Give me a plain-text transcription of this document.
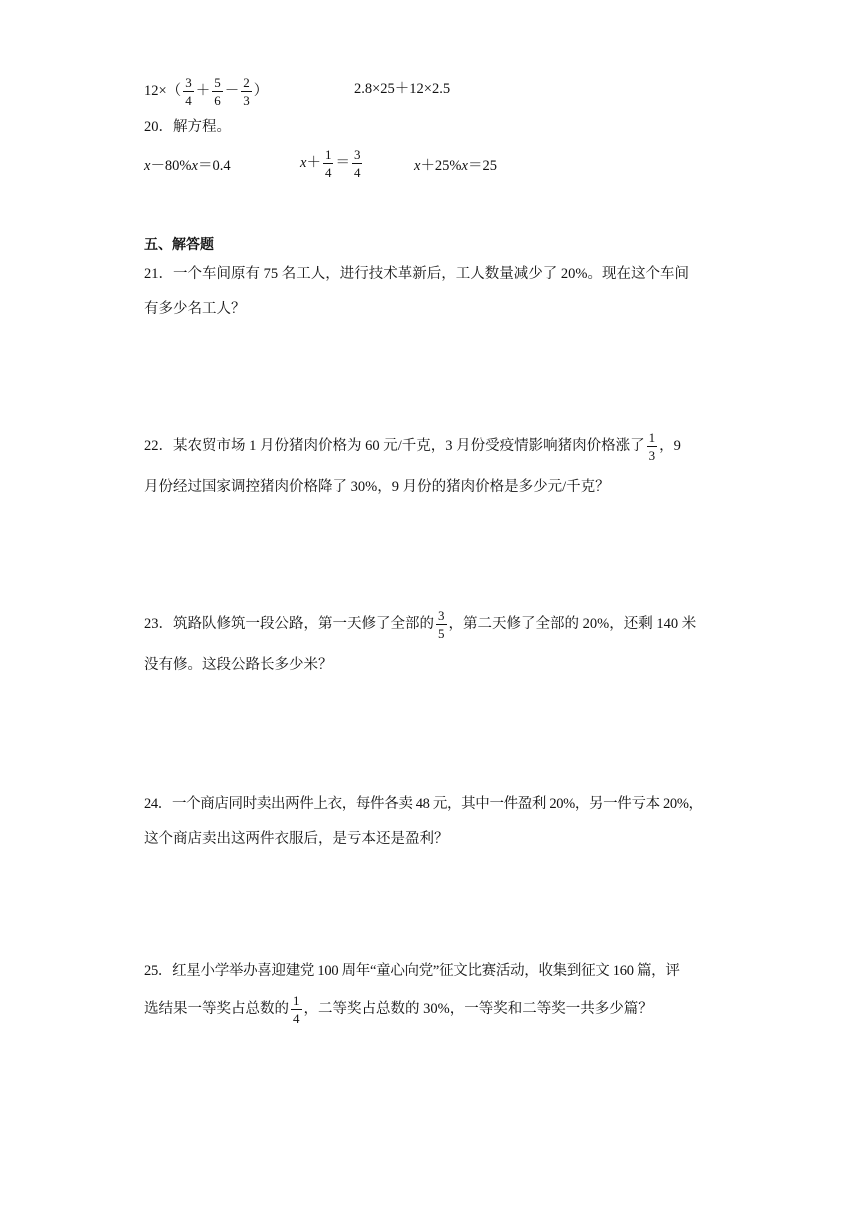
$12\times( \frac{3}{4} + \frac{5}{6} - \frac{2}{3}$ ）	2.8×25＋12×2.5
20．解方程。
x－80%x＝0.4	$x+ \frac{1}{4} = \frac{3}{4}$	x＋25%x＝25
五、解答题
21．一个车间原有 75 名工人，进行技术革新后，工人数量减少了 20%。现在这个车间
有多少名工人？
22．某农贸市场 1 月份猪肉价格为 60 元/千克，3 月份受疫情影响猪肉价格涨了 $\frac{1}{3}$ ，9
月份经过国家调控猪肉价格降了 30%，9 月份的猪肉价格是多少元/千克？
23．筑路队修筑一段公路，第一天修了全部的 $\frac{3}{5}$ ，第二天修了全部的 20%，还剩 140 米
没有修。这段公路长多少米？
24．一个商店同时卖出两件上衣，每件各卖 48 元，其中一件盈利 20%，另一件亏本 20%，
这个商店卖出这两件衣服后，是亏本还是盈利？
25．红星小学举办喜迎建党 100 周年“童心向党”征文比赛活动，收集到征文 160 篇，评
选结果一等奖占总数的 $\frac{1}{4}$ ，二等奖占总数的 30%，一等奖和二等奖一共多少篇？
